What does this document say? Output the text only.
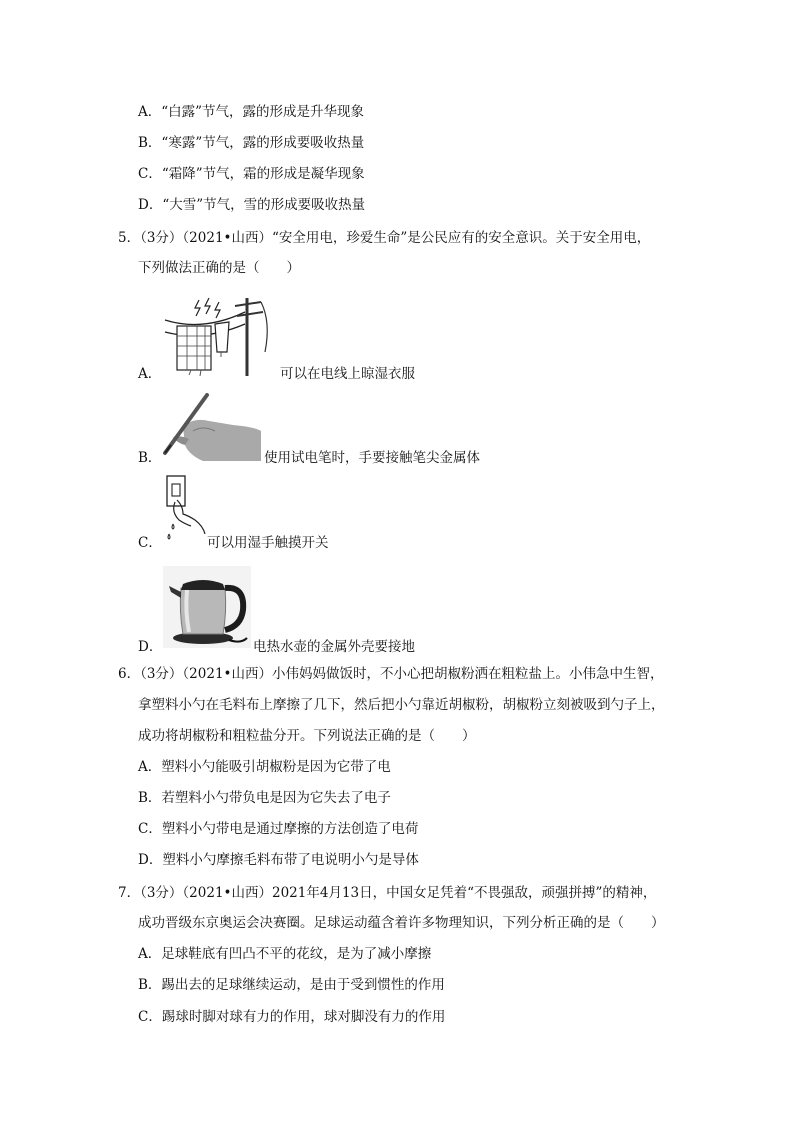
A．“白露”节气，露的形成是升华现象
B．“寒露”节气，露的形成要吸收热量
C．“霜降”节气，霜的形成是凝华现象
D．“大雪”节气，雪的形成要吸收热量
5．（3分）（2021•山西）“安全用电，珍爱生命”是公民应有的安全意识。关于安全用电，
下列做法正确的是（　　）
A．	可以在电线上晾湿衣服
B．	使用试电笔时，手要接触笔尖金属体
C．	可以用湿手触摸开关
D．	电热水壶的金属外壳要接地
6．（3分）（2021•山西）小伟妈妈做饭时，不小心把胡椒粉洒在粗粒盐上。小伟急中生智，
拿塑料小勺在毛料布上摩擦了几下，然后把小勺靠近胡椒粉，胡椒粉立刻被吸到勺子上，
成功将胡椒粉和粗粒盐分开。下列说法正确的是（　　）
A．塑料小勺能吸引胡椒粉是因为它带了电
B．若塑料小勺带负电是因为它失去了电子
C．塑料小勺带电是通过摩擦的方法创造了电荷
D．塑料小勺摩擦毛料布带了电说明小勺是导体
7．（3分）（2021•山西）2021年4月13日，中国女足凭着“不畏强敌，顽强拼搏”的精神，
成功晋级东京奥运会决赛圈。足球运动蕴含着许多物理知识，下列分析正确的是（　　）
A．足球鞋底有凹凸不平的花纹，是为了减小摩擦
B．踢出去的足球继续运动，是由于受到惯性的作用
C．踢球时脚对球有力的作用，球对脚没有力的作用
